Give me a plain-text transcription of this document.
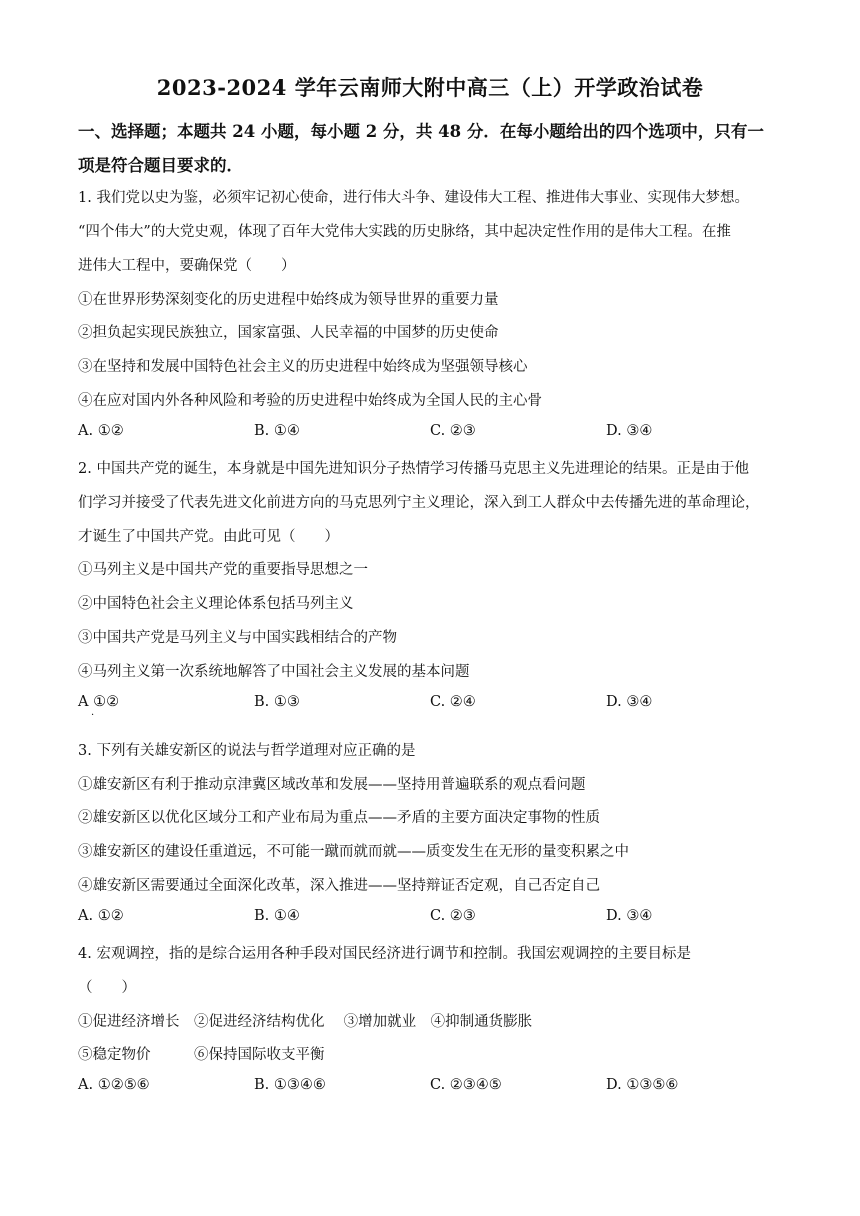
2023-2024 学年云南师大附中高三（上）开学政治试卷
一、选择题；本题共 24 小题，每小题 2 分，共 48 分．在每小题给出的四个选项中，只有一
项是符合题目要求的．
1. 我们党以史为鉴，必须牢记初心使命，进行伟大斗争、建设伟大工程、推进伟大事业、实现伟大梦想。
“四个伟大”的大党史观，体现了百年大党伟大实践的历史脉络，其中起决定性作用的是伟大工程。在推
进伟大工程中，要确保党（　　）
①在世界形势深刻变化的历史进程中始终成为领导世界的重要力量
②担负起实现民族独立，国家富强、人民幸福的中国梦的历史使命
③在坚持和发展中国特色社会主义的历史进程中始终成为坚强领导核心
④在应对国内外各种风险和考验的历史进程中始终成为全国人民的主心骨
A. ①②	B. ①④	C. ②③	D. ③④
2. 中国共产党的诞生，本身就是中国先进知识分子热情学习传播马克思主义先进理论的结果。正是由于他
们学习并接受了代表先进文化前进方向的马克思列宁主义理论，深入到工人群众中去传播先进的革命理论，
才诞生了中国共产党。由此可见（　　）
①马列主义是中国共产党的重要指导思想之一
②中国特色社会主义理论体系包括马列主义
③中国共产党是马列主义与中国实践相结合的产物
④马列主义第一次系统地解答了中国社会主义发展的基本问题
A ①②
·
B. ①③	C. ②④	D. ③④
3. 下列有关雄安新区的说法与哲学道理对应正确的是
①雄安新区有利于推动京津冀区域改革和发展——坚持用普遍联系的观点看问题
②雄安新区以优化区域分工和产业布局为重点——矛盾的主要方面决定事物的性质
③雄安新区的建设任重道远，不可能一蹴而就而就——质变发生在无形的量变积累之中
④雄安新区需要通过全面深化改革，深入推进——坚持辩证否定观，自己否定自己
A. ①②	B. ①④	C. ②③	D. ③④
4. 宏观调控，指的是综合运用各种手段对国民经济进行调节和控制。我国宏观调控的主要目标是
（　　）
①促进经济增长　②促进经济结构优化　 ③增加就业　④抑制通货膨胀
⑤稳定物价　　　⑥保持国际收支平衡
A. ①②⑤⑥	B. ①③④⑥	C. ②③④⑤	D. ①③⑤⑥
